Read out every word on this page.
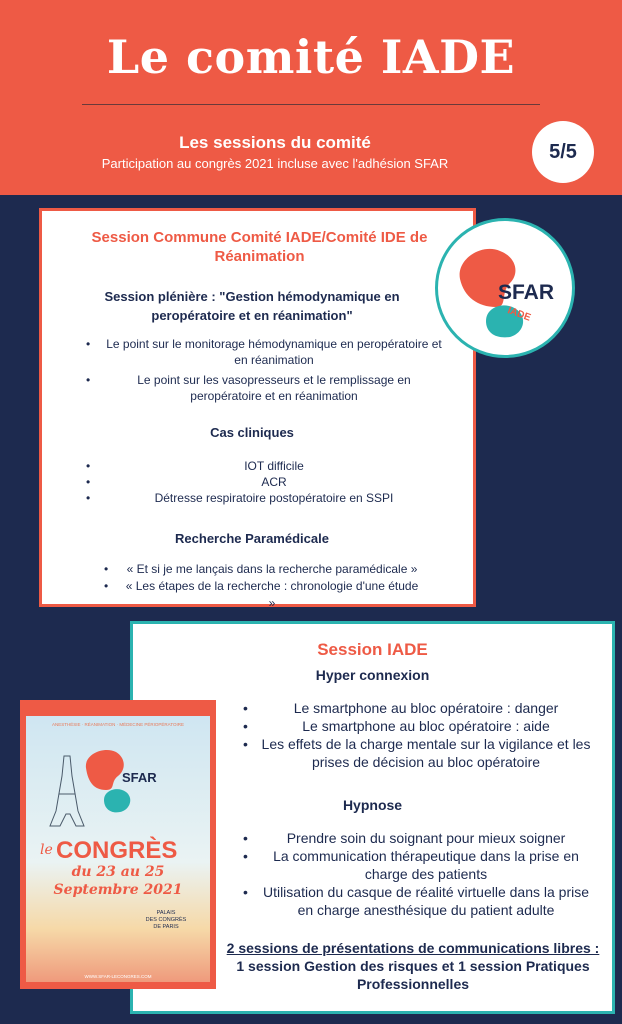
Le comité IADE
Les sessions du comité
Participation au congrès 2021 incluse avec l'adhésion SFAR
5/5
Session Commune Comité IADE/Comité IDE de Réanimation
Session plénière : "Gestion hémodynamique en peropératoire et en réanimation"
• Le point sur le monitorage hémodynamique en peropératoire et en réanimation
• Le point sur les vasopresseurs et le remplissage en peropératoire et en réanimation
Cas cliniques
• IOT difficile
• ACR
• Détresse respiratoire postopératoire en SSPI
Recherche Paramédicale
• « Et si je me lançais dans la recherche paramédicale »
• « Les étapes de la recherche : chronologie d'une étude »
SFAR
IADE
Session IADE
Hyper connexion
• Le smartphone au bloc opératoire : danger
• Le smartphone au bloc opératoire : aide
• Les effets de la charge mentale sur la vigilance et les prises de décision au bloc opératoire
Hypnose
• Prendre soin du soignant pour mieux soigner
• La communication thérapeutique dans la prise en charge des patients
• Utilisation du casque de réalité virtuelle dans la prise en charge anesthésique du patient adulte
2 sessions de présentations de communications libres :
1 session Gestion des risques et 1 session Pratiques Professionnelles
ANESTHÉSIE · RÉANIMATION · MÉDECINE PÉRIOPÉRATOIRE
SFAR
le CONGRÈS
du 23 au 25
Septembre 2021
PALAIS
DES CONGRÈS
DE PARIS
WWW.SFAR-LECONGRES.COM
